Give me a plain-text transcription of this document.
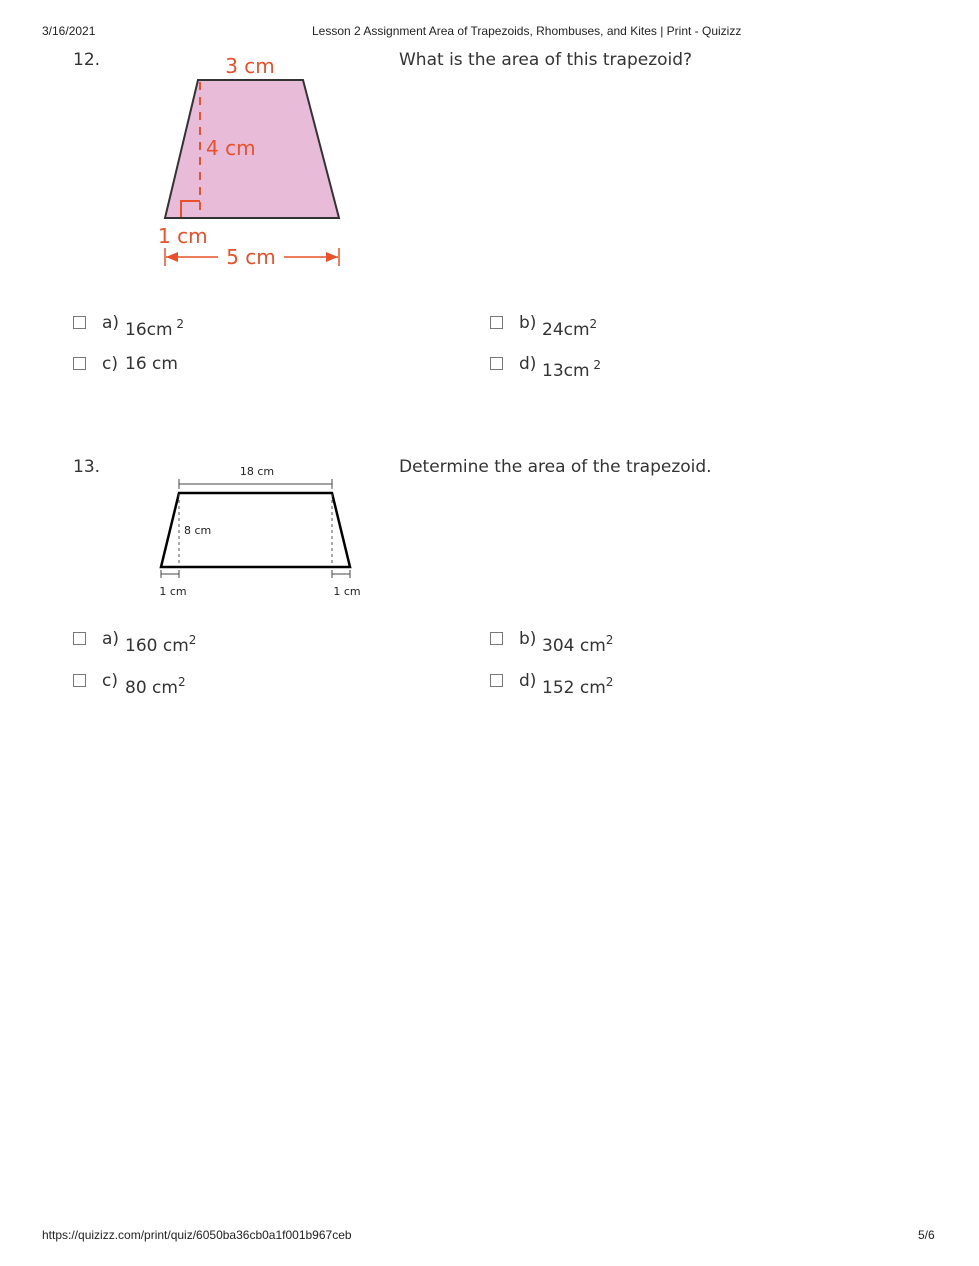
3/16/2021	Lesson 2 Assignment Area of Trapezoids, Rhombuses, and Kites | Print - Quizizz
12.	What is the area of this trapezoid?
3 cm
4 cm
1 cm
5 cm
a) 16cm $^2$	b) $24cm^2$
c) 16 cm	d) 13cm $^2$
13.	Determine the area of the trapezoid.
18 cm
8 cm
1 cm	1 cm
a) 160 $cm^2$	b) 304 $cm^2$
c) 80 $cm^2$	d) 152 $cm^2$
https://quizizz.com/print/quiz/6050ba36cb0a1f001b967ceb	5/6
